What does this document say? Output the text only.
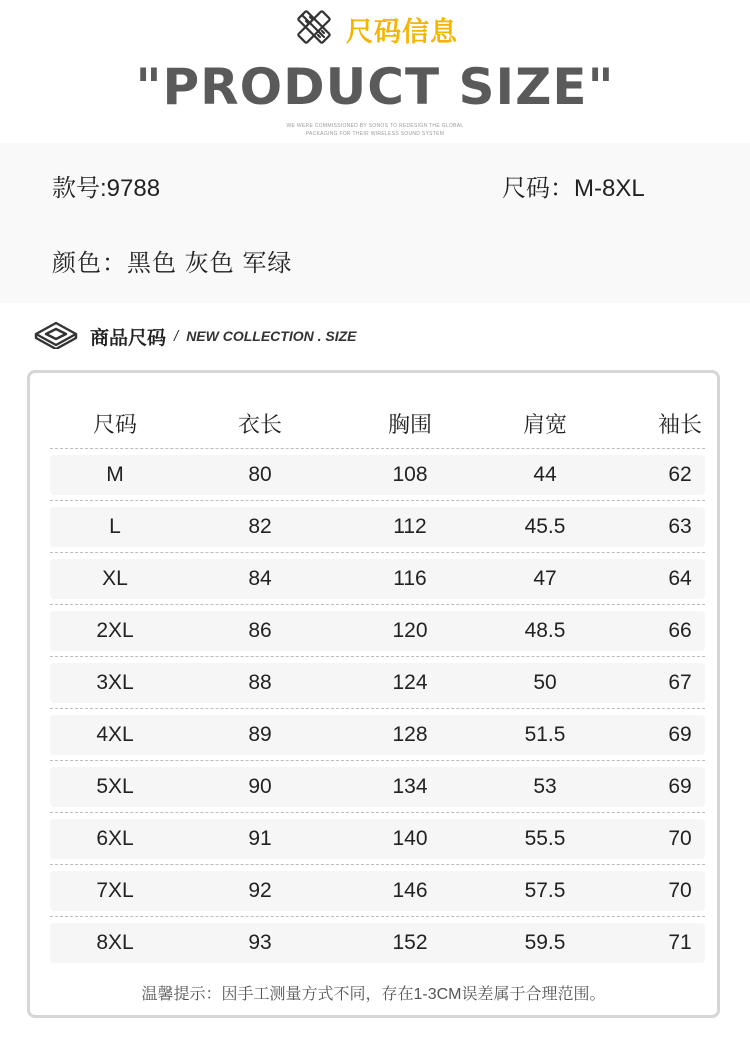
尺码信息
"PRODUCT SIZE"
WE WERE COMMISSIONED BY SONOS TO REDESIGN THE GLOBAL
PACKAGING FOR THEIR WIRELESS SOUND SYSTEM
款号:9788	尺码：M-8XL
颜色：黑色 灰色 军绿
商品尺码 / NEW COLLECTION . SIZE
尺码	衣长	胸围	肩宽	袖长
M	80	108	44	62
L	82	112	45.5	63
XL	84	116	47	64
2XL	86	120	48.5	66
3XL	88	124	50	67
4XL	89	128	51.5	69
5XL	90	134	53	69
6XL	91	140	55.5	70
7XL	92	146	57.5	70
8XL	93	152	59.5	71
温馨提示：因手工测量方式不同，存在1-3CM误差属于合理范围。
